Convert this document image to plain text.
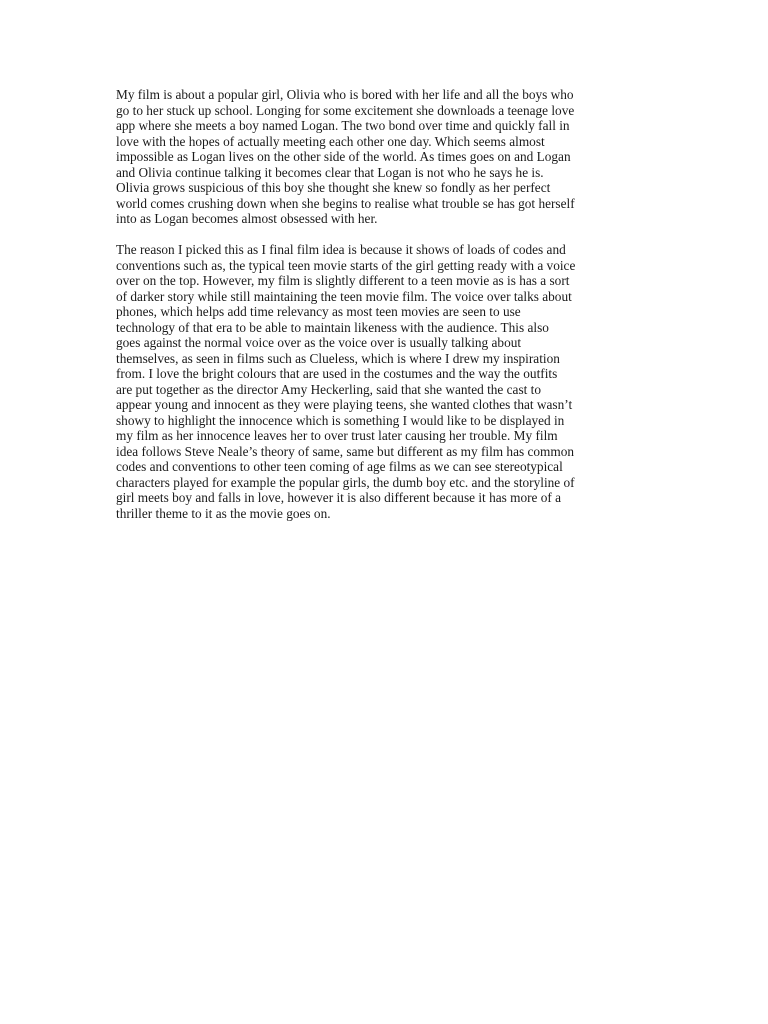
My film is about a popular girl, Olivia who is bored with her life and all the boys who
go to her stuck up school. Longing for some excitement she downloads a teenage love
app where she meets a boy named Logan. The two bond over time and quickly fall in
love with the hopes of actually meeting each other one day. Which seems almost
impossible as Logan lives on the other side of the world. As times goes on and Logan
and Olivia continue talking it becomes clear that Logan is not who he says he is.
Olivia grows suspicious of this boy she thought she knew so fondly as her perfect
world comes crushing down when she begins to realise what trouble se has got herself
into as Logan becomes almost obsessed with her.

The reason I picked this as I final film idea is because it shows of loads of codes and
conventions such as, the typical teen movie starts of the girl getting ready with a voice
over on the top. However, my film is slightly different to a teen movie as is has a sort
of darker story while still maintaining the teen movie film. The voice over talks about
phones, which helps add time relevancy as most teen movies are seen to use
technology of that era to be able to maintain likeness with the audience. This also
goes against the normal voice over as the voice over is usually talking about
themselves, as seen in films such as Clueless, which is where I drew my inspiration
from. I love the bright colours that are used in the costumes and the way the outfits
are put together as the director Amy Heckerling, said that she wanted the cast to
appear young and innocent as they were playing teens, she wanted clothes that wasn’t
showy to highlight the innocence which is something I would like to be displayed in
my film as her innocence leaves her to over trust later causing her trouble. My film
idea follows Steve Neale’s theory of same, same but different as my film has common
codes and conventions to other teen coming of age films as we can see stereotypical
characters played for example the popular girls, the dumb boy etc. and the storyline of
girl meets boy and falls in love, however it is also different because it has more of a
thriller theme to it as the movie goes on.
